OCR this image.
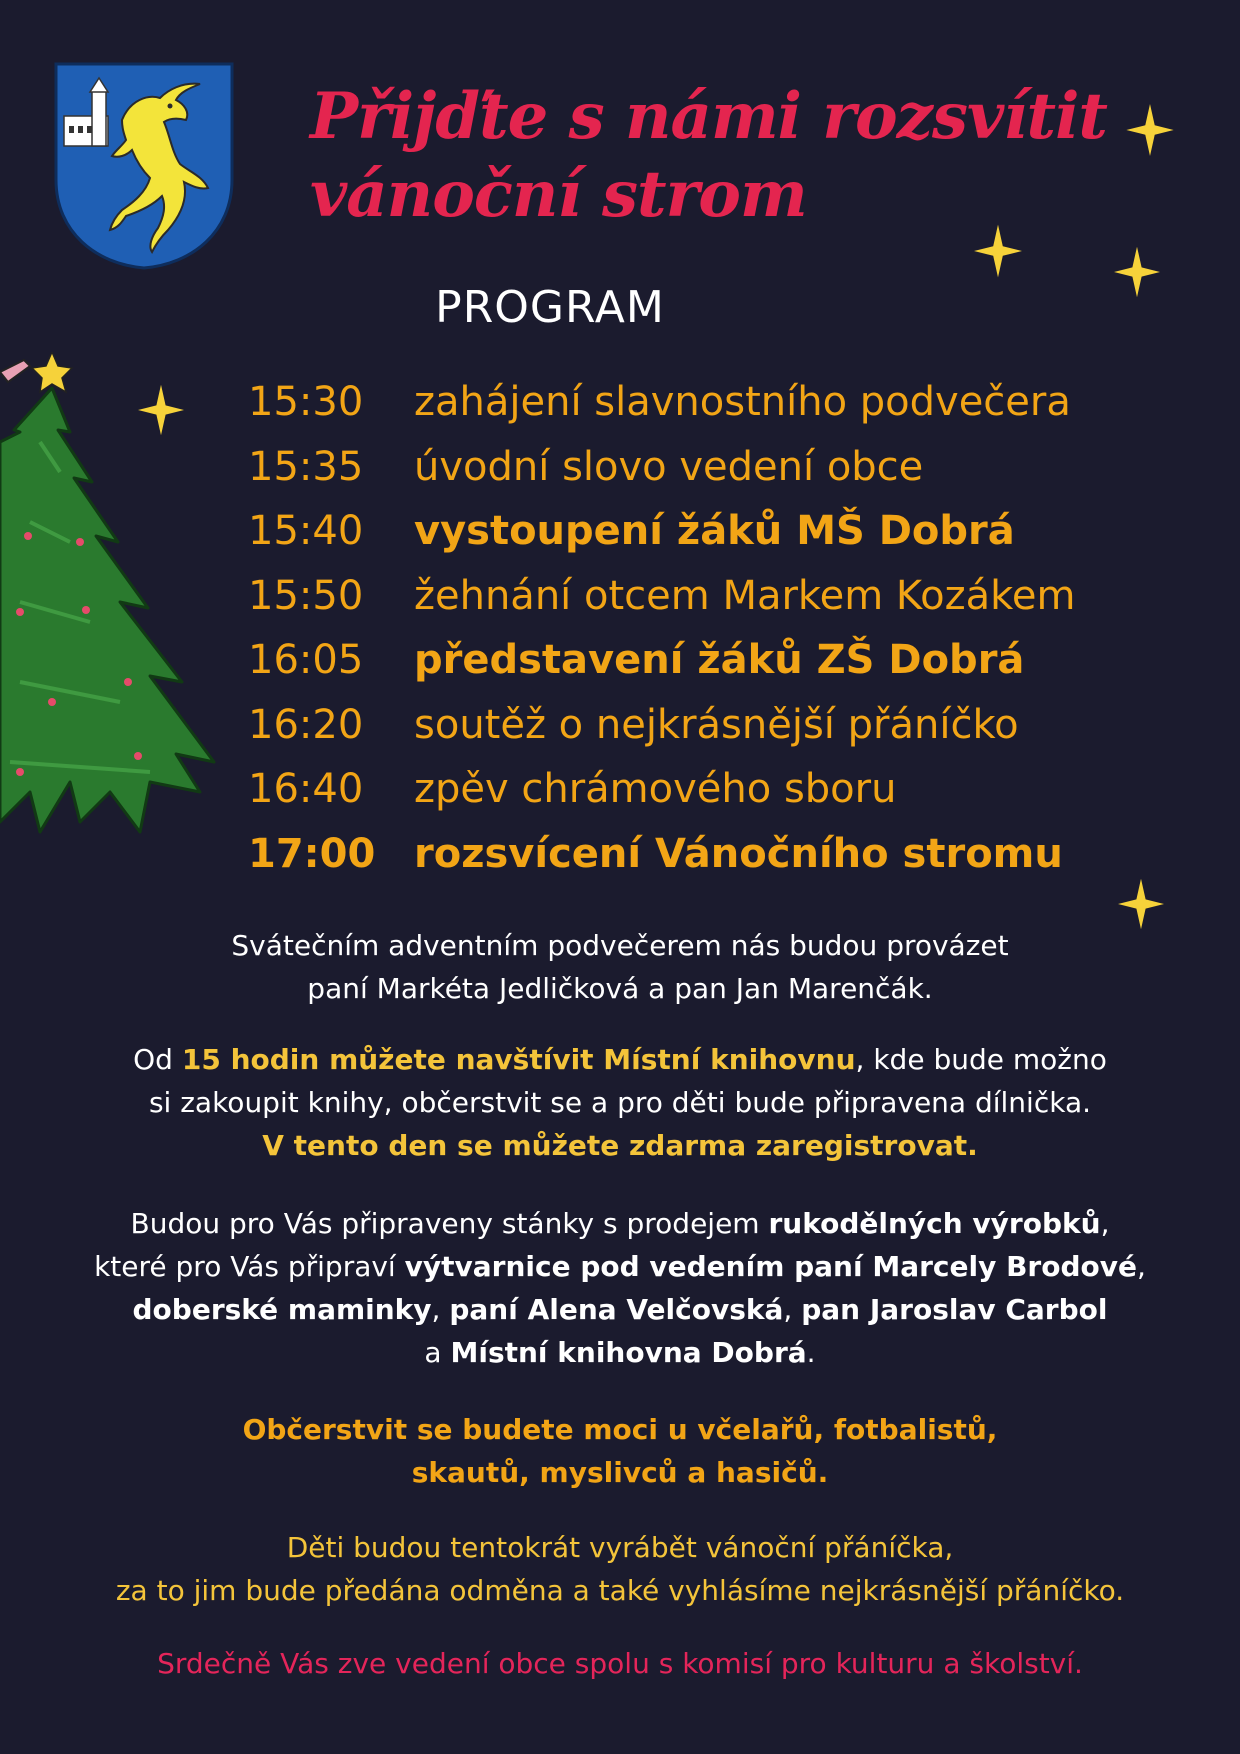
Přijďte s námi rozsvítit
vánoční strom
PROGRAM
15:30	zahájení slavnostního podvečera
15:35	úvodní slovo vedení obce
15:40	vystoupení žáků MŠ Dobrá
15:50	žehnání otcem Markem Kozákem
16:05	představení žáků ZŠ Dobrá
16:20	soutěž o nejkrásnější přáníčko
16:40	zpěv chrámového sboru
17:00 rozsvícení Vánočního stromu
Svátečním adventním podvečerem nás budou provázet
paní Markéta Jedličková a pan Jan Marenčák.
Od 15 hodin můžete navštívit Místní knihovnu, kde bude možno
si zakoupit knihy, občerstvit se a pro děti bude připravena dílnička.
V tento den se můžete zdarma zaregistrovat.
Budou pro Vás připraveny stánky s prodejem rukodělných výrobků,
které pro Vás připraví výtvarnice pod vedením paní Marcely Brodové,
doberské maminky, paní Alena Velčovská, pan Jaroslav Carbol
a Místní knihovna Dobrá.
Občerstvit se budete moci u včelařů, fotbalistů,
skautů, myslivců a hasičů.
Děti budou tentokrát vyrábět vánoční přáníčka,
za to jim bude předána odměna a také vyhlásíme nejkrásnější přáníčko.
Srdečně Vás zve vedení obce spolu s komisí pro kulturu a školství.
